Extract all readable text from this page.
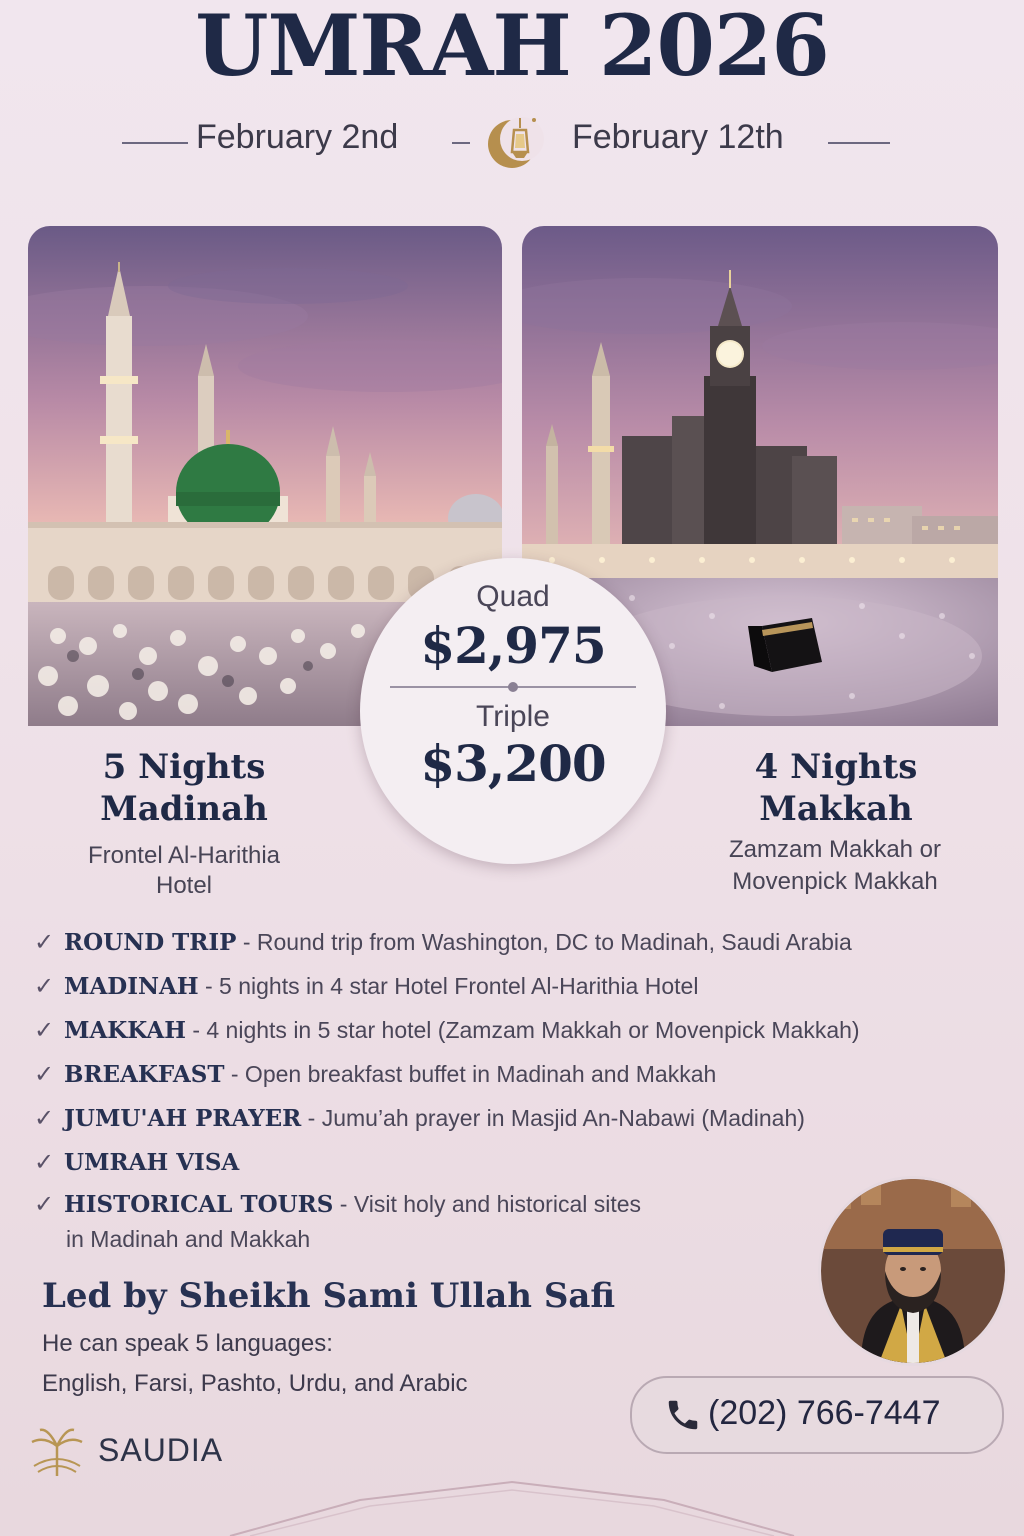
UMRAH 2026
February 2nd	February 12th
Quad
$2,975
Triple
$3,200
5 Nights
Madinah
Frontel Al-Harithia
Hotel
4 Nights
Makkah
Zamzam Makkah or
Movenpick Makkah
✓ ROUND TRIP - Round trip from Washington, DC to Madinah, Saudi Arabia
✓ MADINAH - 5 nights in 4 star Hotel Frontel Al-Harithia Hotel
✓ MAKKAH - 4 nights in 5 star hotel (Zamzam Makkah or Movenpick Makkah)
✓ BREAKFAST - Open breakfast buffet in Madinah and Makkah
✓ JUMU'AH PRAYER - Jumu’ah prayer in Masjid An-Nabawi (Madinah)
✓ UMRAH VISA
✓ HISTORICAL TOURS - Visit holy and historical sites
in Madinah and Makkah
Led by Sheikh Sami Ullah Safi
He can speak 5 languages:
English, Farsi, Pashto, Urdu, and Arabic
(202) 766-7447
SAUDIA
